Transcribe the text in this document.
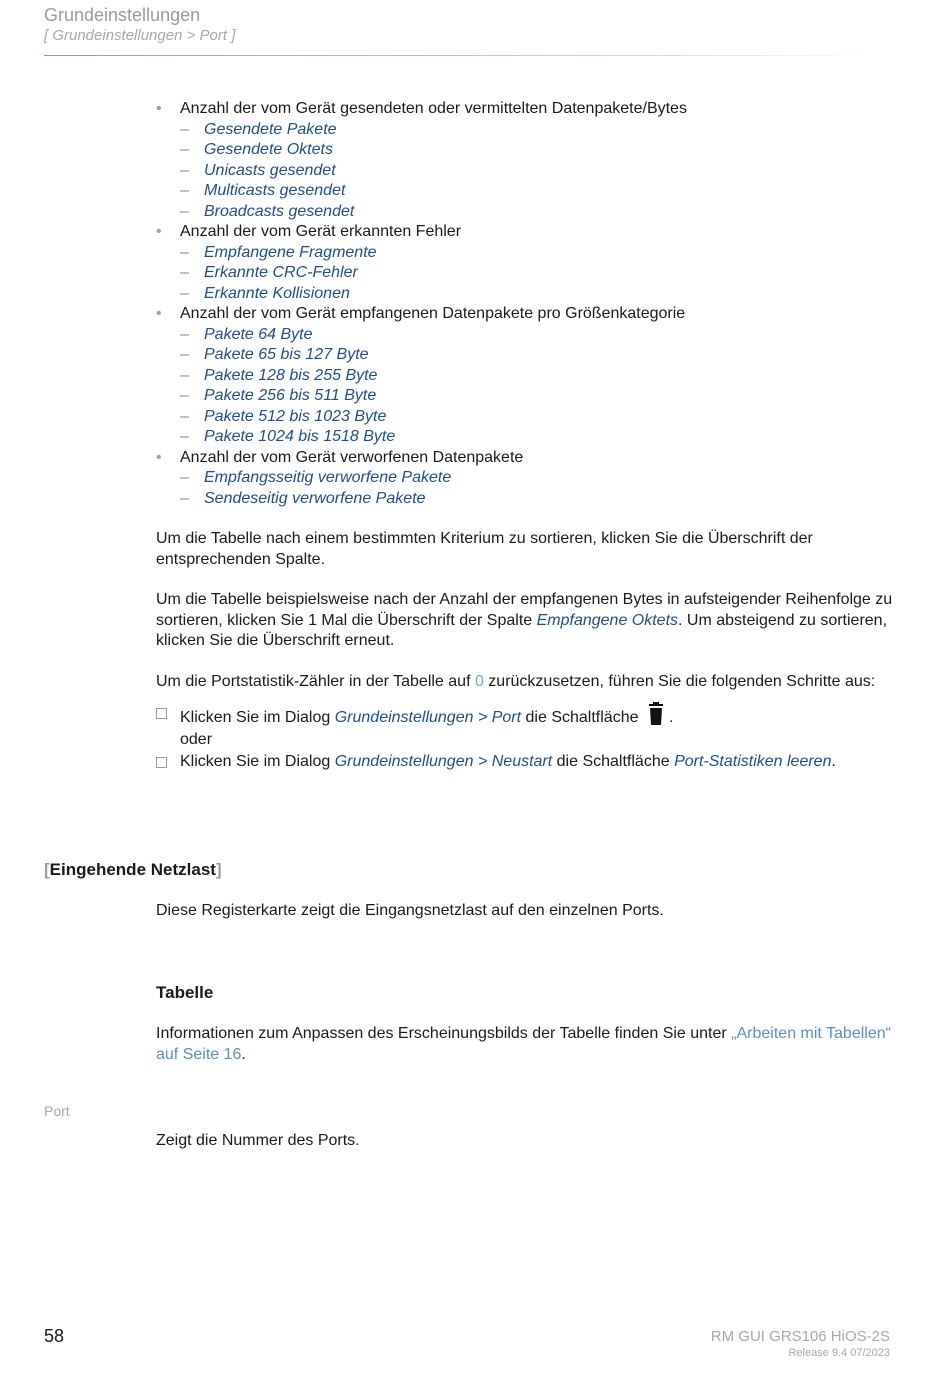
Grundeinstellungen
[ Grundeinstellungen > Port ]
• Anzahl der vom Gerät gesendeten oder vermittelten Datenpakete/Bytes
– Gesendete Pakete
– Gesendete Oktets
– Unicasts gesendet
– Multicasts gesendet
– Broadcasts gesendet
• Anzahl der vom Gerät erkannten Fehler
– Empfangene Fragmente
– Erkannte CRC-Fehler
– Erkannte Kollisionen
• Anzahl der vom Gerät empfangenen Datenpakete pro Größenkategorie
– Pakete 64 Byte
– Pakete 65 bis 127 Byte
– Pakete 128 bis 255 Byte
– Pakete 256 bis 511 Byte
– Pakete 512 bis 1023 Byte
– Pakete 1024 bis 1518 Byte
• Anzahl der vom Gerät verworfenen Datenpakete
– Empfangsseitig verworfene Pakete
– Sendeseitig verworfene Pakete

Um die Tabelle nach einem bestimmten Kriterium zu sortieren, klicken Sie die Überschrift der entsprechenden Spalte.

Um die Tabelle beispielsweise nach der Anzahl der empfangenen Bytes in aufsteigender Reihenfolge zu sortieren, klicken Sie 1 Mal die Überschrift der Spalte Empfangene Oktets. Um absteigend zu sortieren, klicken Sie die Überschrift erneut.

Um die Portstatistik-Zähler in der Tabelle auf 0 zurückzusetzen, führen Sie die folgenden Schritte aus:

Klicken Sie im Dialog Grundeinstellungen > Port die Schaltfläche .
oder
Klicken Sie im Dialog Grundeinstellungen > Neustart die Schaltfläche Port-Statistiken leeren.
[Eingehende Netzlast]
Diese Registerkarte zeigt die Eingangsnetzlast auf den einzelnen Ports.
Tabelle
Informationen zum Anpassen des Erscheinungsbilds der Tabelle finden Sie unter „Arbeiten mit Tabellen“ auf Seite 16.
Port
Zeigt die Nummer des Ports.
58	RM GUI GRS106 HiOS-2S
Release 9.4 07/2023
